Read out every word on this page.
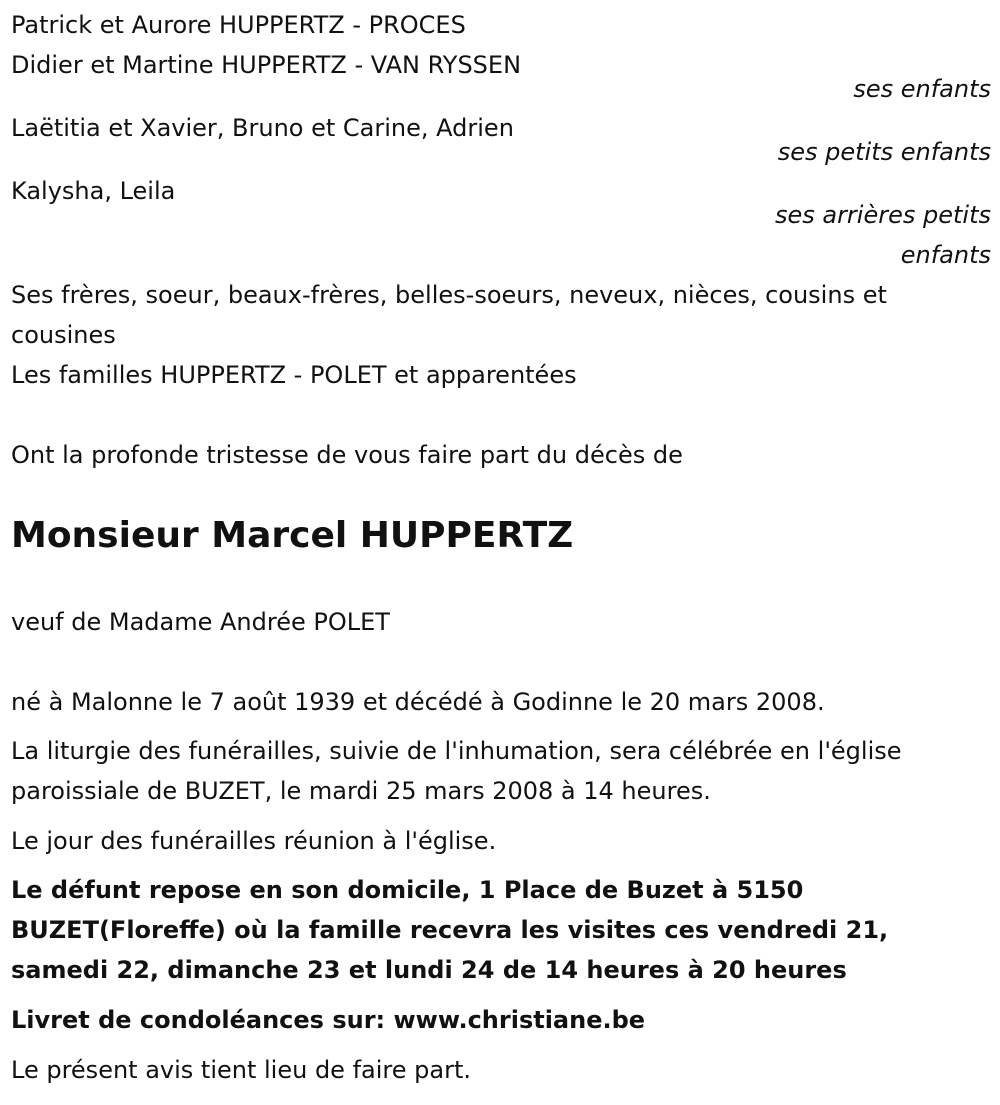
Patrick et Aurore HUPPERTZ - PROCES
Didier et Martine HUPPERTZ - VAN RYSSEN
ses enfants
Laëtitia et Xavier, Bruno et Carine, Adrien
ses petits enfants
Kalysha, Leila
ses arrières petits
enfants
Ses frères, soeur, beaux-frères, belles-soeurs, neveux, nièces, cousins et cousines
Les familles HUPPERTZ - POLET et apparentées
Ont la profonde tristesse de vous faire part du décès de
Monsieur Marcel HUPPERTZ
veuf de Madame Andrée POLET
né à Malonne le 7 août 1939 et décédé à Godinne le 20 mars 2008.
La liturgie des funérailles, suivie de l'inhumation, sera célébrée en l'église paroissiale de BUZET, le mardi 25 mars 2008 à 14 heures.
Le jour des funérailles réunion à l'église.
Le défunt repose en son domicile, 1 Place de Buzet à 5150 BUZET(Floreffe) où la famille recevra les visites ces vendredi 21, samedi 22, dimanche 23 et lundi 24 de 14 heures à 20 heures
Livret de condoléances sur: www.christiane.be
Le présent avis tient lieu de faire part.
